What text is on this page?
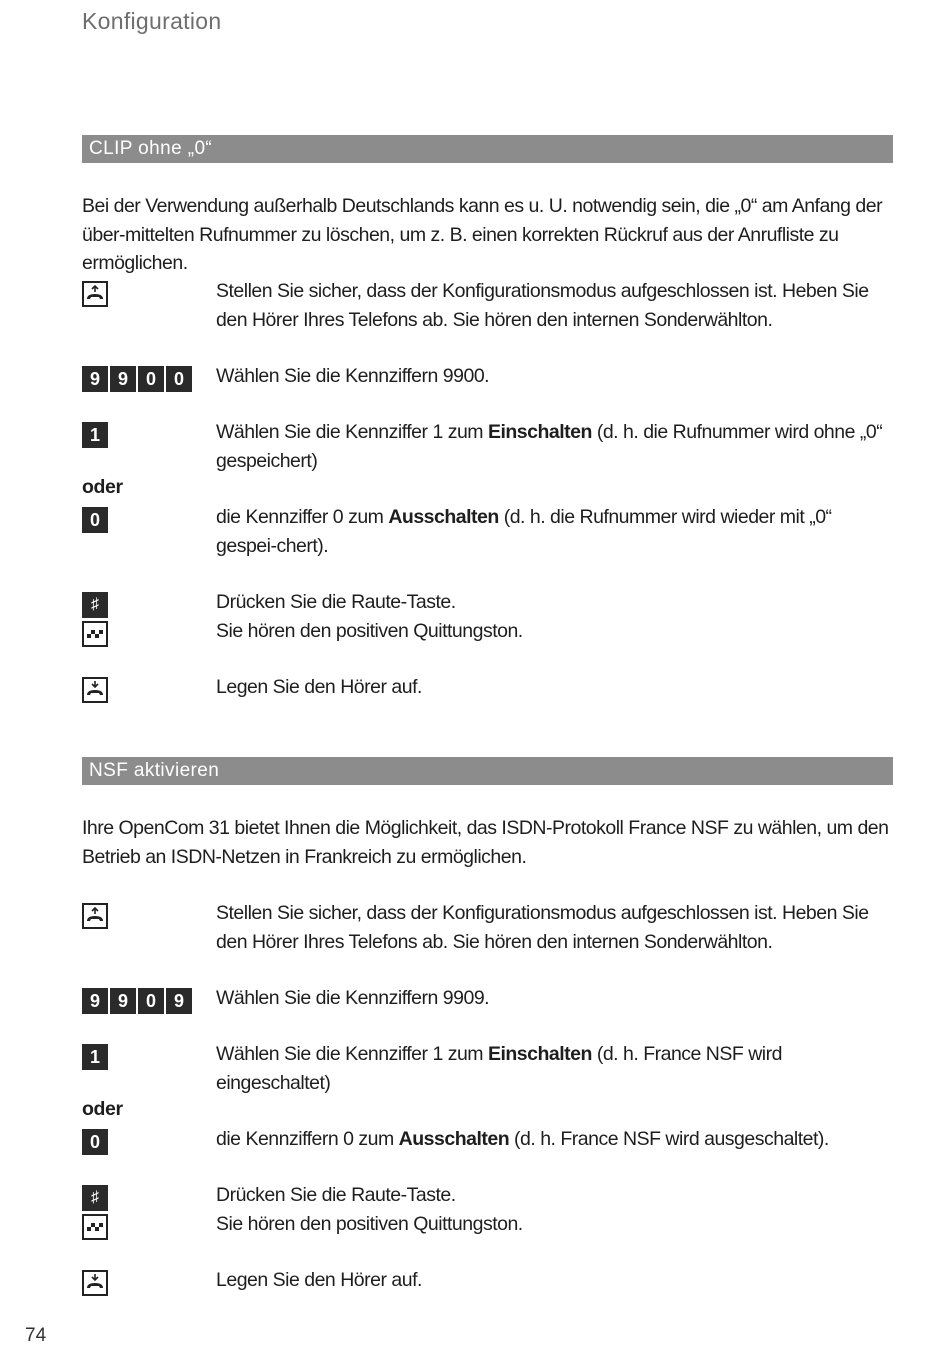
Konfiguration
CLIP ohne „0“
Bei der Verwendung außerhalb Deutschlands kann es u. U. notwendig sein, die „0“ am Anfang der über-mittelten Rufnummer zu löschen, um z. B. einen korrekten Rückruf aus der Anrufliste zu ermöglichen.
Stellen Sie sicher, dass der Konfigurationsmodus aufgeschlossen ist. Heben Sie den Hörer Ihres Telefons ab. Sie hören den internen Sonderwählton.
9 9 0 0	Wählen Sie die Kennziffern 9900.
1	Wählen Sie die Kennziffer 1 zum Einschalten (d. h. die Rufnummer wird ohne „0“ gespeichert)
oder
0	die Kennziffer 0 zum Ausschalten (d. h. die Rufnummer wird wieder mit „0“ gespei-chert).
♯	Drücken Sie die Raute-Taste.
Sie hören den positiven Quittungston.
Legen Sie den Hörer auf.
NSF aktivieren
Ihre OpenCom 31 bietet Ihnen die Möglichkeit, das ISDN-Protokoll France NSF zu wählen, um den Betrieb an ISDN-Netzen in Frankreich zu ermöglichen.
Stellen Sie sicher, dass der Konfigurationsmodus aufgeschlossen ist. Heben Sie den Hörer Ihres Telefons ab. Sie hören den internen Sonderwählton.
9 9 0 9	Wählen Sie die Kennziffern 9909.
1	Wählen Sie die Kennziffer 1 zum Einschalten (d. h. France NSF wird eingeschaltet)
oder
0	die Kennziffern 0 zum Ausschalten (d. h. France NSF wird ausgeschaltet).
♯	Drücken Sie die Raute-Taste.
Sie hören den positiven Quittungston.
Legen Sie den Hörer auf.
74
